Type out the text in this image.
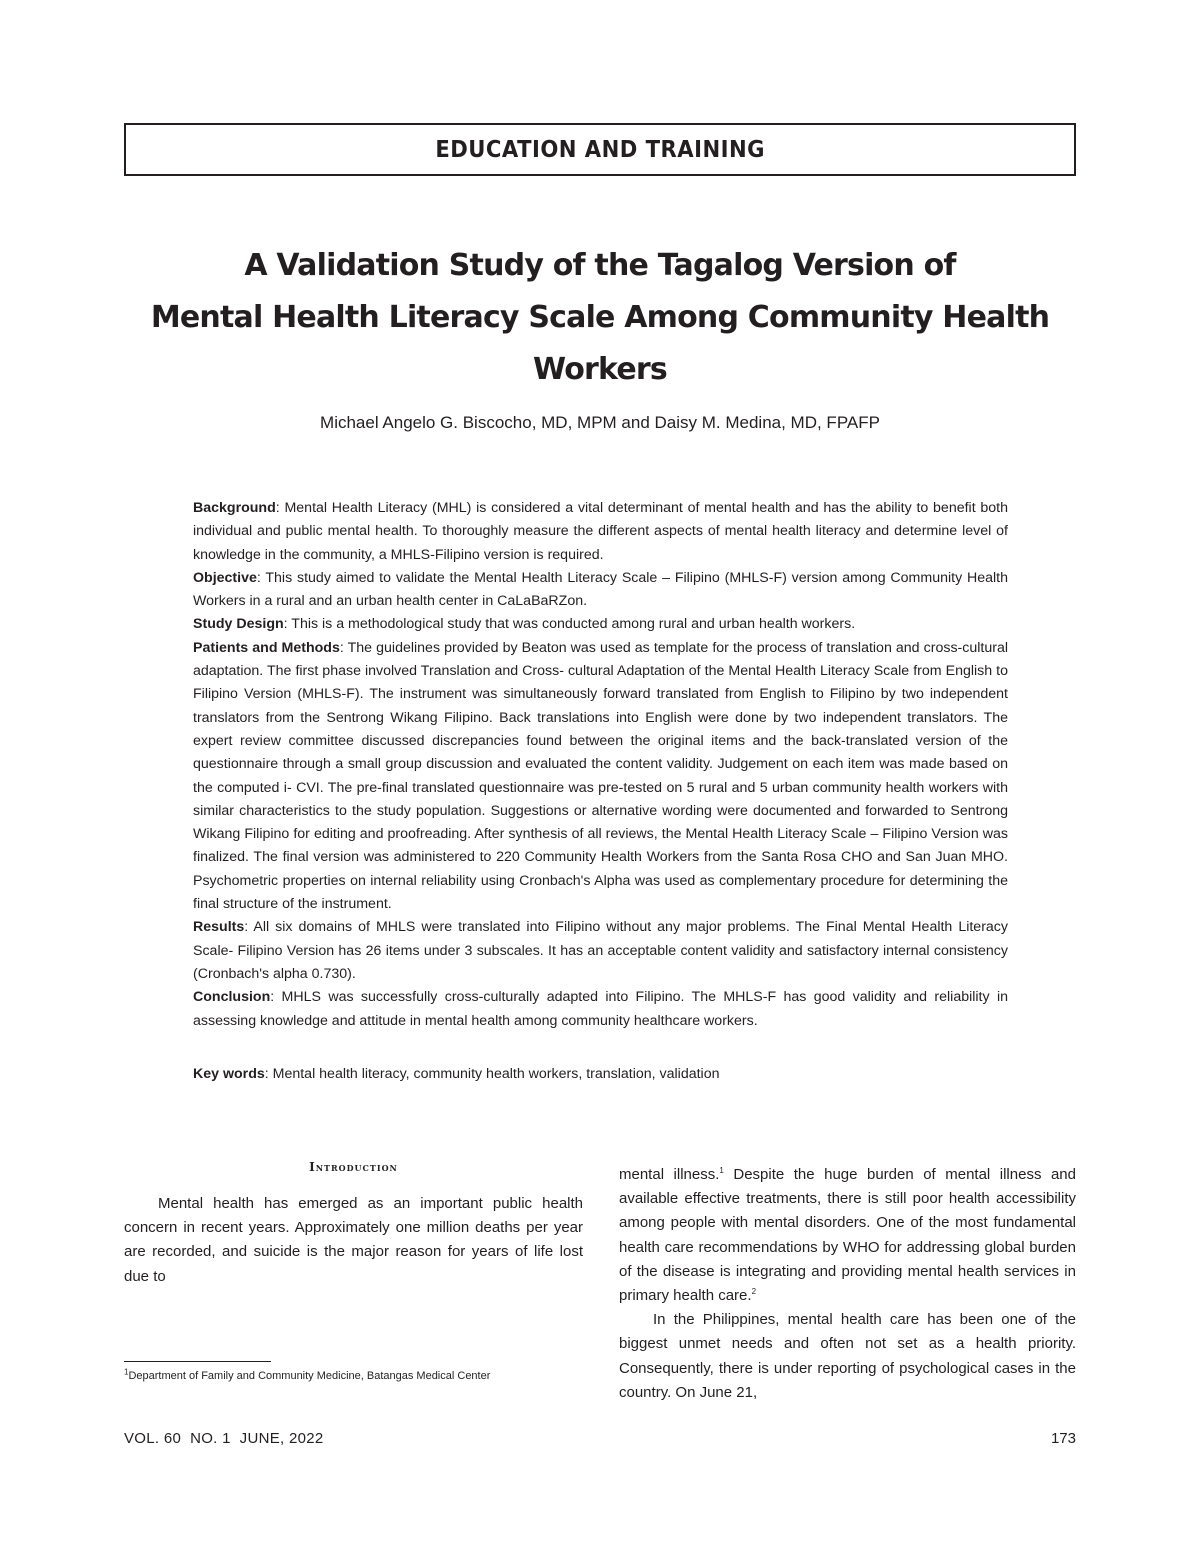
EDUCATION AND TRAINING
A Validation Study of the Tagalog Version of
Mental Health Literacy Scale Among Community Health Workers
Michael Angelo G. Biscocho, MD, MPM and Daisy M. Medina, MD, FPAFP

Background: Mental Health Literacy (MHL) is considered a vital determinant of mental health and has the ability to benefit both individual and public mental health. To thoroughly measure the different aspects of mental health literacy and determine level of knowledge in the community, a MHLS-Filipino version is required.

Objective: This study aimed to validate the Mental Health Literacy Scale – Filipino (MHLS-F) version among Community Health Workers in a rural and an urban health center in CaLaBaRZon.

Study Design: This is a methodological study that was conducted among rural and urban health workers.

Patients and Methods: The guidelines provided by Beaton was used as template for the process of translation and cross-cultural adaptation. The first phase involved Translation and Cross- cultural Adaptation of the Mental Health Literacy Scale from English to Filipino Version (MHLS-F). The instrument was simultaneously forward translated from English to Filipino by two independent translators from the Sentrong Wikang Filipino. Back translations into English were done by two independent translators. The expert review committee discussed discrepancies found between the original items and the back-translated version of the questionnaire through a small group discussion and evaluated the content validity. Judgement on each item was made based on the computed i- CVI. The pre-final translated questionnaire was pre-tested on 5 rural and 5 urban community health workers with similar characteristics to the study population. Suggestions or alternative wording were documented and forwarded to Sentrong Wikang Filipino for editing and proofreading. After synthesis of all reviews, the Mental Health Literacy Scale – Filipino Version was finalized. The final version was administered to 220 Community Health Workers from the Santa Rosa CHO and San Juan MHO. Psychometric properties on internal reliability using Cronbach's Alpha was used as complementary procedure for determining the final structure of the instrument.

Results: All six domains of MHLS were translated into Filipino without any major problems. The Final Mental Health Literacy Scale- Filipino Version has 26 items under 3 subscales. It has an acceptable content validity and satisfactory internal consistency (Cronbach's alpha 0.730).

Conclusion: MHLS was successfully cross-culturally adapted into Filipino. The MHLS-F has good validity and reliability in assessing knowledge and attitude in mental health among community healthcare workers.

Key words: Mental health literacy, community health workers, translation, validation
Introduction

Mental health has emerged as an important public health concern in recent years. Approximately one million deaths per year are recorded, and suicide is the major reason for years of life lost due to

mental illness.$^1$ Despite the huge burden of mental illness and available effective treatments, there is still poor health accessibility among people with mental disorders. One of the most fundamental health care recommendations by WHO for addressing global burden of the disease is integrating and providing mental health services in primary health care.$^2$

In the Philippines, mental health care has been one of the biggest unmet needs and often not set as a health priority. Consequently, there is under reporting of psychological cases in the country. On June 21,

$^1$Department of Family and Community Medicine, Batangas Medical Center
VOL. 60  NO. 1  JUNE, 2022	173
